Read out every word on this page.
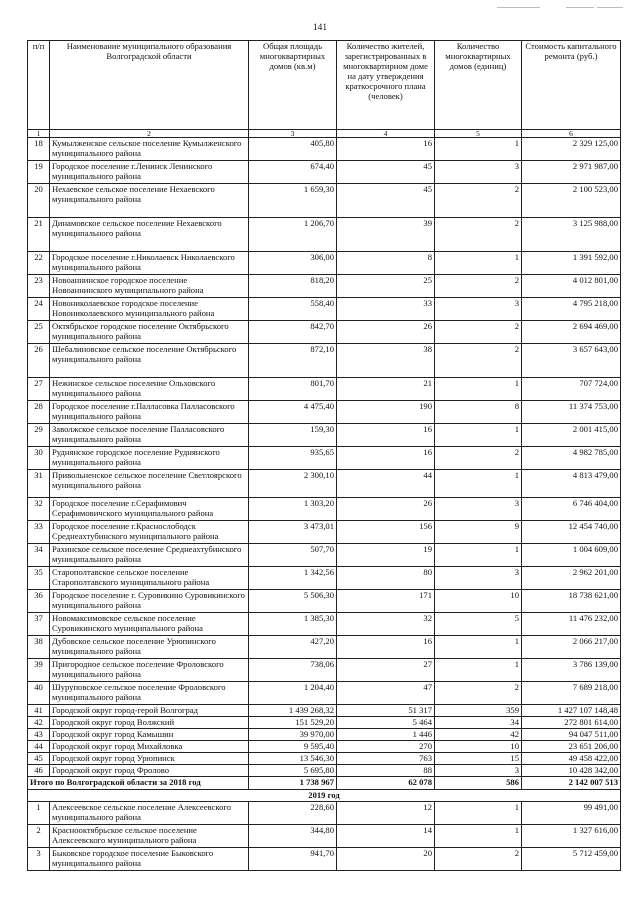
141
п/п	Наименование муниципального образования Волгоградской области	Общая площадь многоквартирных домов (кв.м)	Количество жителей, зарегистрированных в многоквартирном доме на дату утверждения краткосрочного плана (человек)	Количество многоквартирных домов (единиц)	Стоимость капитального ремонта (руб.)
1	2	3	4	5	6
18	Кумылженское сельское поселение Кумылженского муниципального района	405,80	16	1	2 329 125,00
19	Городское поселение г.Ленинск Ленинского муниципального района	674,40	45	3	2 971 987,00
20	Нехаевское сельское поселение Нехаевского муниципального района	1 659,30	45	2	2 100 523,00
21	Динамовское сельское поселение Нехаевского муниципального района	1 206,70	39	2	3 125 988,00
22	Городское поселение г.Николаевск Николаевского муниципального района	306,00	8	1	1 391 592,00
23	Новоаннинское городское поселение Новоаннинского муниципального района	818,20	25	2	4 012 801,00
24	Новониколаевское городское поселение Новониколаевского муниципального района	558,40	33	3	4 795 218,00
25	Октябрьское городское поселение Октябрьского муниципального района	842,70	26	2	2 694 469,00
26	Шебалиновское сельское поселение Октябрьского муниципального района	872,10	38	2	3 657 643,00
27	Нежинское сельское поселение Ольховского муниципального района	801,70	21	1	707 724,00
28	Городское поселение г.Палласовка Палласовского муниципального района	4 475,40	190	8	11 374 753,00
29	Заволжское сельское поселение Палласовского муниципального района	159,30	16	1	2 001 415,00
30	Руднянское городское поселение Руднянского муниципального района	935,65	16	2	4 982 785,00
31	Привольненское сельское поселение Светлоярского муниципального района	2 300,10	44	1	4 813 479,00
32	Городское поселение г.Серафимович Серафимовичского муниципального района	1 303,20	26	3	6 746 404,00
33	Городское поселение г.Краснослободск Среднеахтубинского муниципального района	3 473,01	156	9	12 454 740,00
34	Рахинское сельское поселение Среднеахтубинского муниципального района	507,70	19	1	1 004 609,00
35	Старополтавское сельское поселение Старополтавского муниципального района	1 342,56	80	3	2 962 201,00
36	Городское поселение г. Суровикино Суровикинского муниципального района	5 506,30	171	10	18 738 621,00
37	Новомаксимовское сельское поселение Суровикинского муниципального района	1 385,30	32	5	11 476 232,00
38	Дубовское сельское поселение Урюпинского муниципального района	427,20	16	1	2 066 217,00
39	Пригородное сельское поселение Фроловского муниципального района	738,06	27	1	3 786 139,00
40	Шуруповское сельское поселение Фроловского муниципального района	1 204,40	47	2	7 689 218,00
41	Городской округ город-герой Волгоград	1 439 268,32	51 317	359	1 427 107 148,48
42	Городской округ город Волжский	151 529,20	5 464	34	272 801 614,00
43	Городской округ город Камышин	39 970,00	1 446	42	94 047 511,00
44	Городской округ город Михайловка	9 595,40	270	10	23 651 206,00
45	Городской округ город Урюпинск	13 546,30	763	15	49 458 422,00
46	Городской округ город Фролово	5 695,80	88	3	10 428 342,00
Итого по Волгоградской области за 2018 год		1 738 967	62 078	586	2 142 007 513
2019 год					
1	Алексеевское сельское поселение Алексеевского муниципального района	228,60	12	1	99 491,00
2	Краснооктябрьское сельское поселение Алексеевского муниципального района	344,80	14	1	1 327 616,00
3	Быковское городское поселение Быковского муниципального района	941,70	20	2	5 712 459,00
